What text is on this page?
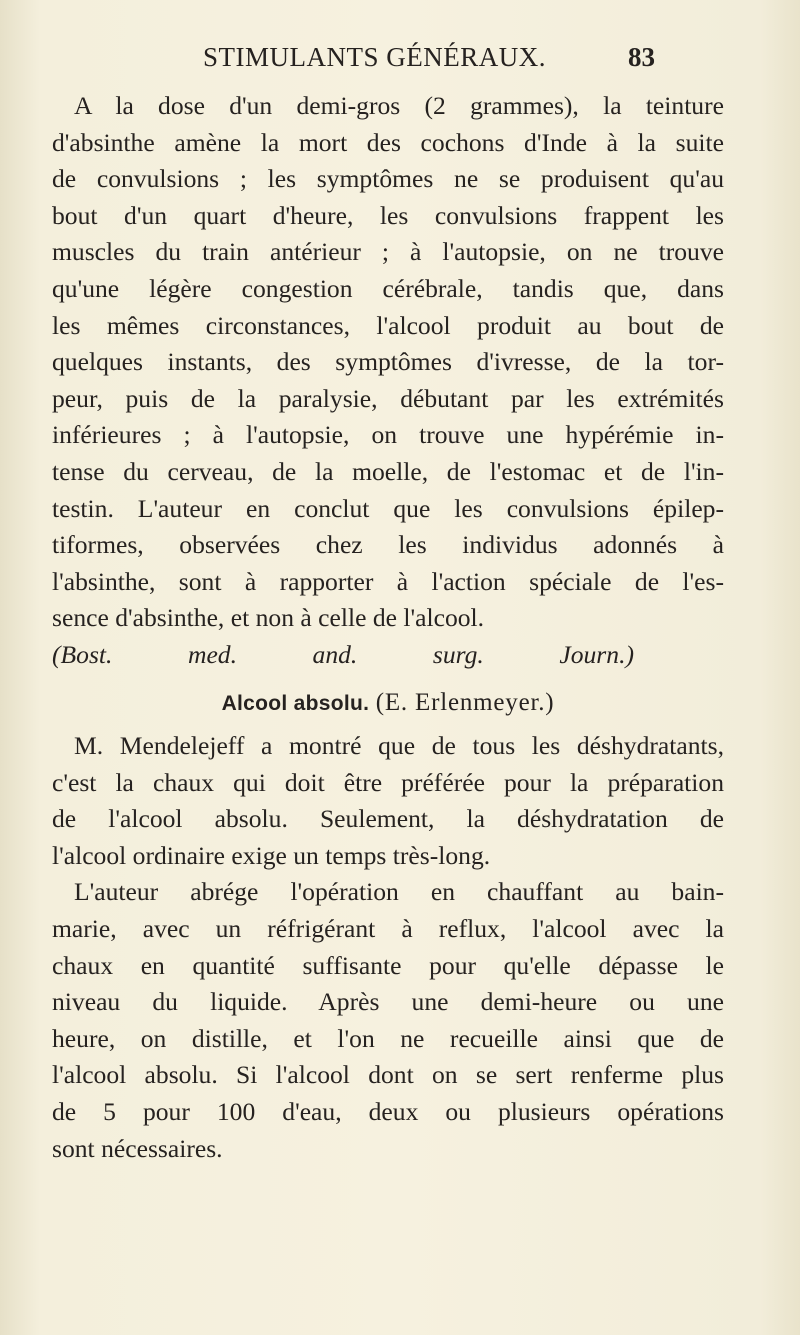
STIMULANTS GÉNÉRAUX.	83

A la dose d'un demi-gros (2 grammes), la teinture

d'absinthe amène la mort des cochons d'Inde à la suite

de convulsions ; les symptômes ne se produisent qu'au

bout d'un quart d'heure, les convulsions frappent les

muscles du train antérieur ; à l'autopsie, on ne trouve

qu'une légère congestion cérébrale, tandis que, dans

les mêmes circonstances, l'alcool produit au bout de

quelques instants, des symptômes d'ivresse, de la tor-

peur, puis de la paralysie, débutant par les extrémités

inférieures ; à l'autopsie, on trouve une hypérémie in-

tense du cerveau, de la moelle, de l'estomac et de l'in-

testin. L'auteur en conclut que les convulsions épilep-

tiformes, observées chez les individus adonnés à

l'absinthe, sont à rapporter à l'action spéciale de l'es-

sence d'absinthe, et non à celle de l'alcool.

(Bost. med. and. surg. Journ.)

Alcool absolu. (E. Erlenmeyer.)

M. Mendelejeff a montré que de tous les déshydratants,

c'est la chaux qui doit être préférée pour la préparation

de l'alcool absolu. Seulement, la déshydratation de

l'alcool ordinaire exige un temps très-long.

L'auteur abrége l'opération en chauffant au bain-

marie, avec un réfrigérant à reflux, l'alcool avec la

chaux en quantité suffisante pour qu'elle dépasse le

niveau du liquide. Après une demi-heure ou une

heure, on distille, et l'on ne recueille ainsi que de

l'alcool absolu. Si l'alcool dont on se sert renferme plus

de 5 pour 100 d'eau, deux ou plusieurs opérations

sont nécessaires.
